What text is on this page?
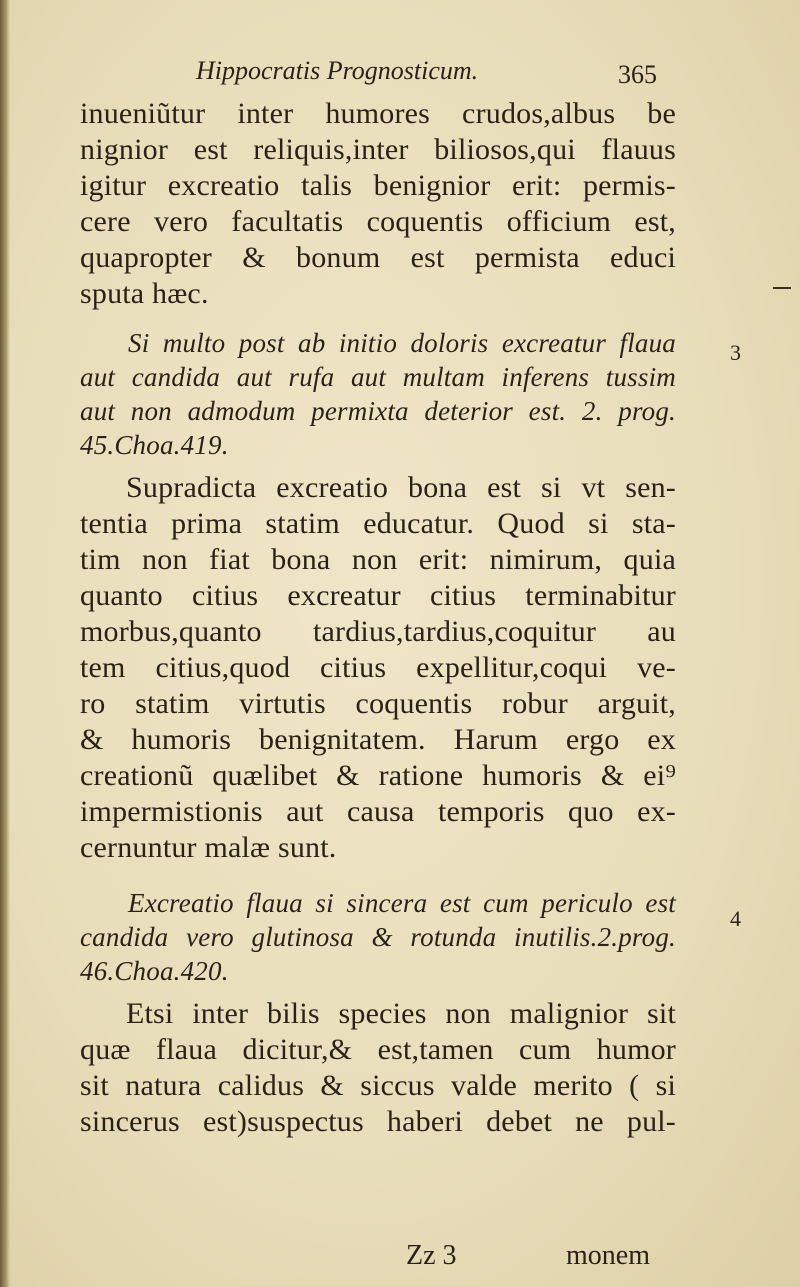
Hippocratis Prognosticum.	365
3
4
inueniũtur inter humores crudos,albus be
nignior est reliquis,inter biliosos,qui flauus
igitur excreatio talis benignior erit: permis-
cere vero facultatis coquentis officium est,
quapropter & bonum est permista educi
sputa hæc.
Si multo post ab initio doloris excreatur flaua
aut candida aut rufa aut multam inferens tussim
aut non admodum permixta deterior est. 2. prog.
45.Choa.419.
Supradicta excreatio bona est si vt sen-
tentia prima statim educatur. Quod si sta-
tim non fiat bona non erit: nimirum, quia
quanto citius excreatur citius terminabitur
morbus,quanto tardius,tardius,coquitur au
tem citius,quod citius expellitur,coqui ve-
ro statim virtutis coquentis robur arguit,
& humoris benignitatem. Harum ergo ex
creationũ quælibet & ratione humoris & ei⁹
impermistionis aut causa temporis quo ex-
cernuntur malæ sunt.
Excreatio flaua si sincera est cum periculo est
candida vero glutinosa & rotunda inutilis.2.prog.
46.Choa.420.
Etsi inter bilis species non malignior sit
quæ flaua dicitur,& est,tamen cum humor
sit natura calidus & siccus valde merito ( si
sincerus est)suspectus haberi debet ne pul-
Zz 3	monem
